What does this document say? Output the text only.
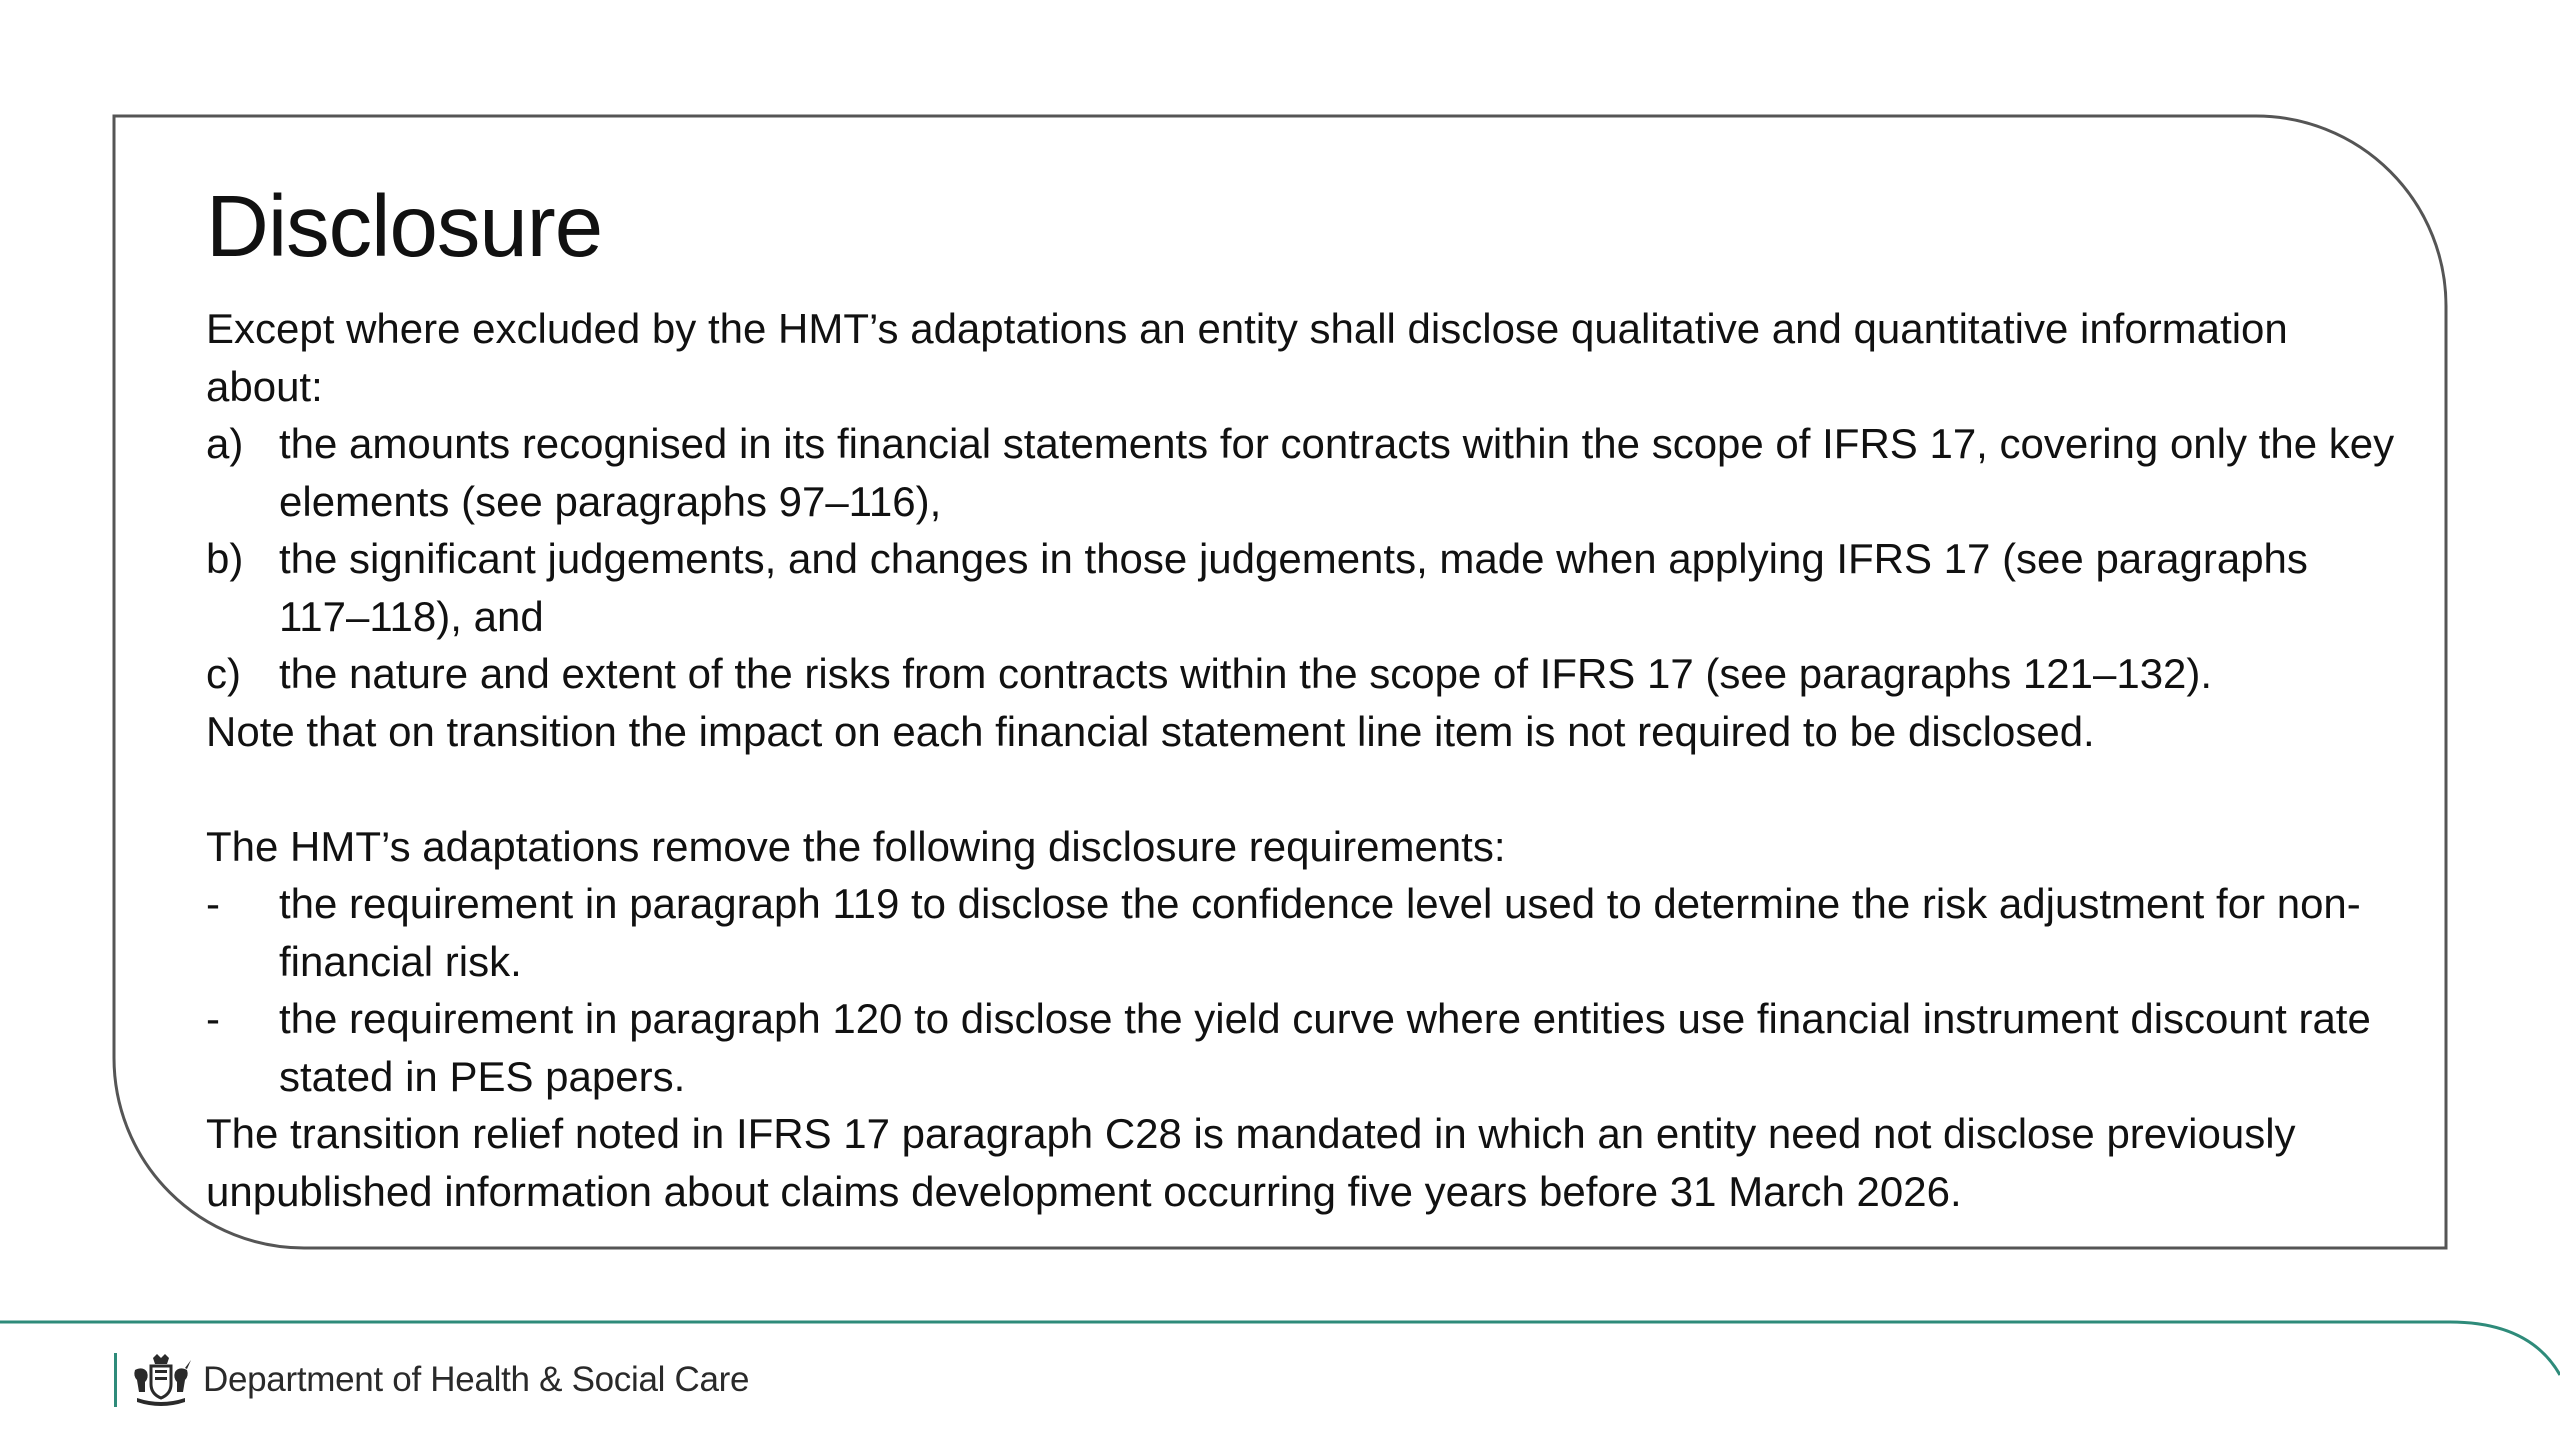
Disclosure

Except where excluded by the HMT’s adaptations an entity shall disclose qualitative and quantitative information about:

a) the amounts recognised in its financial statements for contracts within the scope of IFRS 17, covering only the key elements (see paragraphs 97–116),
b) the significant judgements, and changes in those judgements, made when applying IFRS 17 (see paragraphs 117–118), and
c) the nature and extent of the risks from contracts within the scope of IFRS 17 (see paragraphs 121–132).

Note that on transition the impact on each financial statement line item is not required to be disclosed.

The HMT’s adaptations remove the following disclosure requirements:

-	the requirement in paragraph 119 to disclose the confidence level used to determine the risk adjustment for non-financial risk.
-	the requirement in paragraph 120 to disclose the yield curve where entities use financial instrument discount rate stated in PES papers.

The transition relief noted in IFRS 17 paragraph C28 is mandated in which an entity need not disclose previously unpublished information about claims development occurring five years before 31 March 2026.

Department of Health & Social Care
